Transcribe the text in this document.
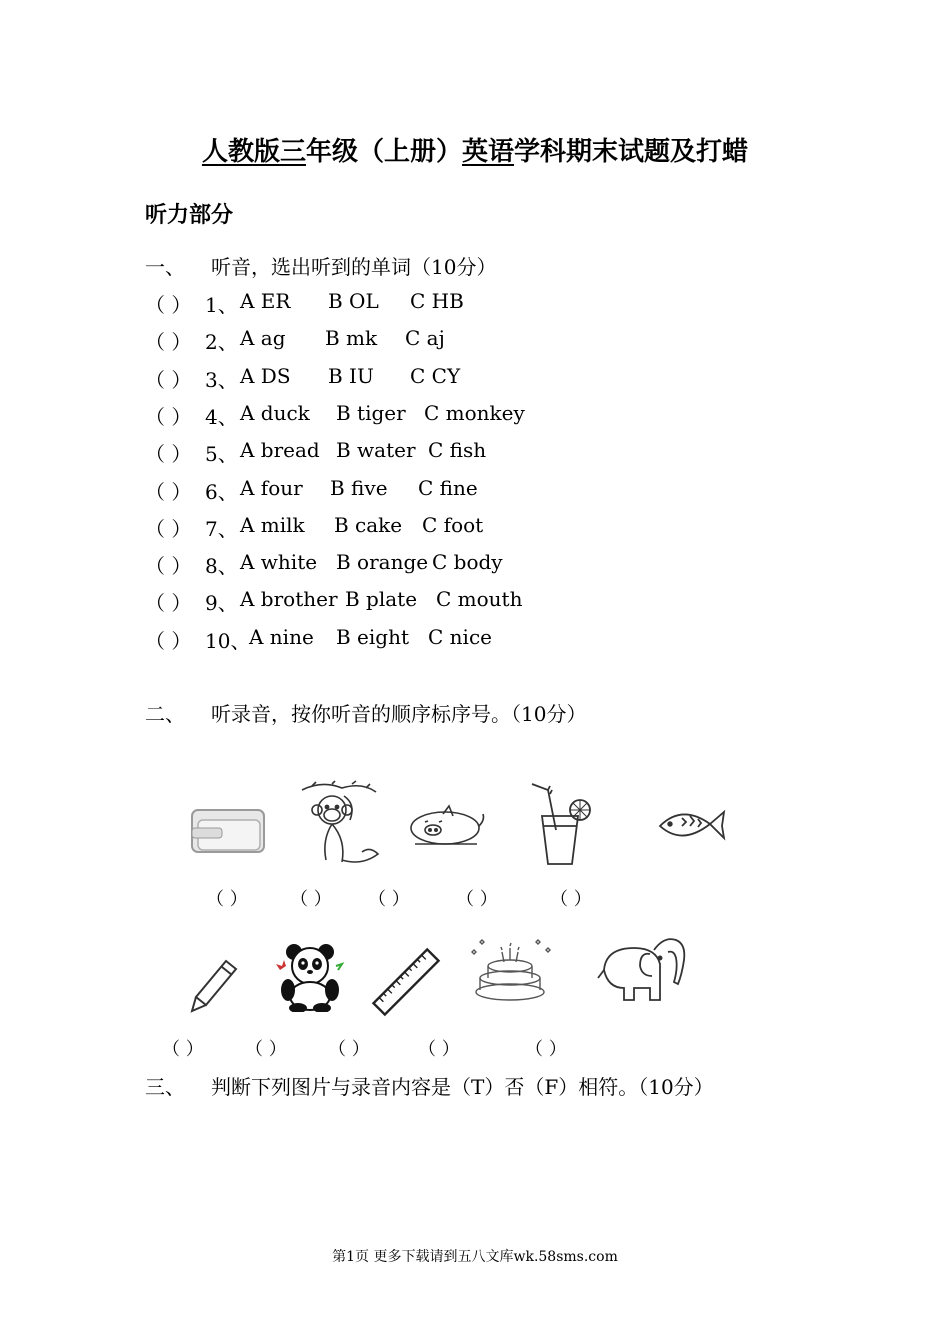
人教版三年级（上册）英语学科期末试题及打蜡
听力部分
一、 听音，选出听到的单词（10分）
（ ） 1、 A ER B OL C HB
（ ） 2、 A ag B mk C aj
（ ） 3、 A DS B IU C CY
（ ） 4、 A duck B tiger C monkey
（ ） 5、 A bread B water C fish
（ ） 6、 A four B five C fine
（ ） 7、 A milk B cake C foot
（ ） 8、 A white B orange C body
（ ） 9、 A brother B plate C mouth
（ ） 10、
A nine B eight C nice
二、 听录音，按你听音的顺序标序号。（10分）
（ ） （ ） （ ）	（ ）	（ ）
（ ） （ ） （ ）	（ ）	（ ）
三、 判断下列图片与录音内容是（T）否（F）相符。（10分）
第1页 更多下载请到五八文库wk.58sms.com
